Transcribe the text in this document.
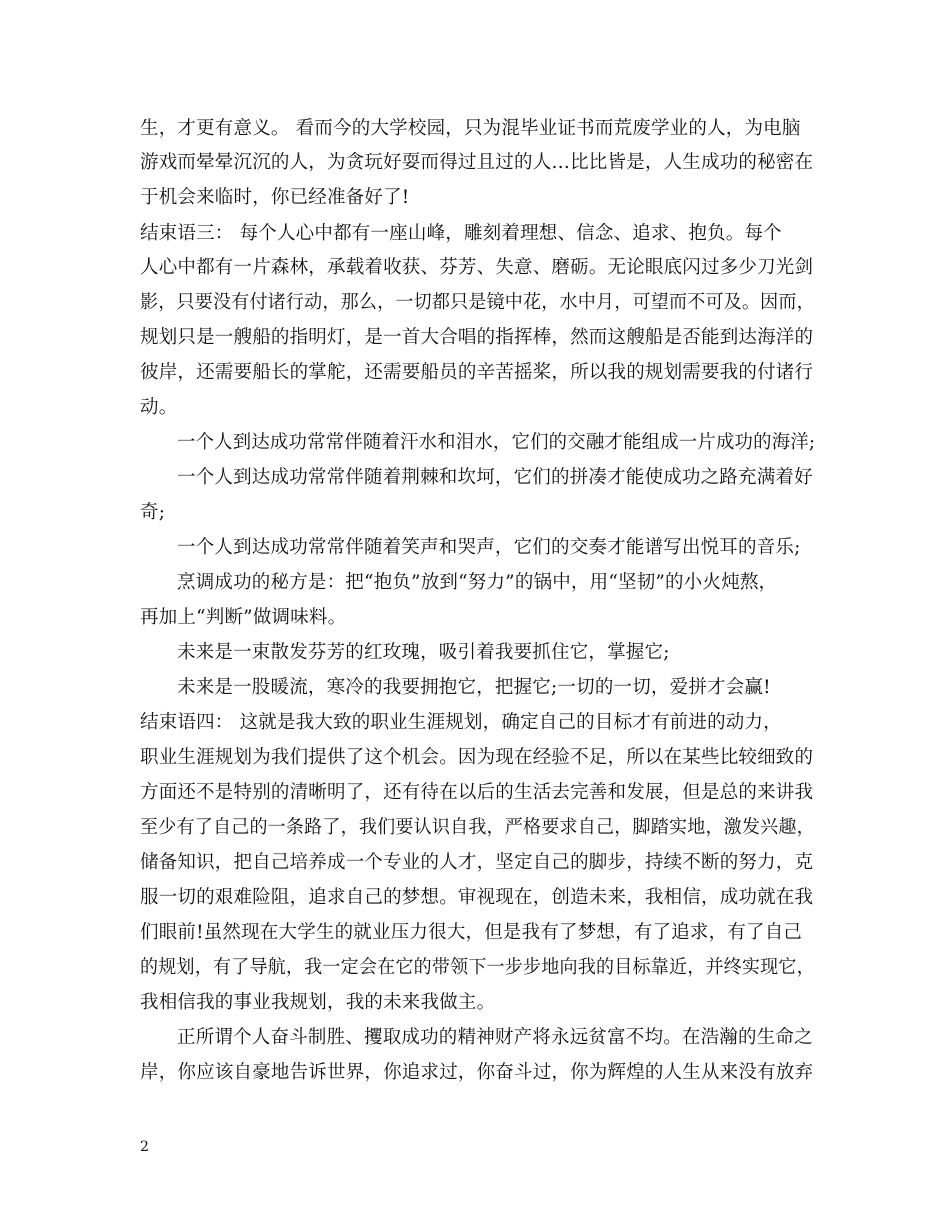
生，才更有意义。 看而今的大学校园，只为混毕业证书而荒废学业的人，为电脑
游戏而晕晕沉沉的人，为贪玩好耍而得过且过的人…比比皆是，人生成功的秘密在
于机会来临时，你已经准备好了!
结束语三： 每个人心中都有一座山峰，雕刻着理想、信念、追求、抱负。每个
人心中都有一片森林，承载着收获、芬芳、失意、磨砺。无论眼底闪过多少刀光剑
影，只要没有付诸行动，那么，一切都只是镜中花，水中月，可望而不可及。因而，
规划只是一艘船的指明灯，是一首大合唱的指挥棒，然而这艘船是否能到达海洋的
彼岸，还需要船长的掌舵，还需要船员的辛苦摇桨，所以我的规划需要我的付诸行
动。
一个人到达成功常常伴随着汗水和泪水，它们的交融才能组成一片成功的海洋;
一个人到达成功常常伴随着荆棘和坎坷，它们的拼凑才能使成功之路充满着好
奇;
一个人到达成功常常伴随着笑声和哭声，它们的交奏才能谱写出悦耳的音乐;
烹调成功的秘方是：把“抱负”放到“努力”的锅中，用“坚韧”的小火炖熬，
再加上“判断”做调味料。
未来是一束散发芬芳的红玫瑰，吸引着我要抓住它，掌握它;
未来是一股暖流，寒冷的我要拥抱它，把握它;一切的一切，爱拼才会赢!
结束语四： 这就是我大致的职业生涯规划，确定自己的目标才有前进的动力，
职业生涯规划为我们提供了这个机会。因为现在经验不足，所以在某些比较细致的
方面还不是特别的清晰明了，还有待在以后的生活去完善和发展，但是总的来讲我
至少有了自己的一条路了，我们要认识自我，严格要求自己，脚踏实地，激发兴趣，
储备知识，把自己培养成一个专业的人才，坚定自己的脚步，持续不断的努力，克
服一切的艰难险阻，追求自己的梦想。审视现在，创造未来，我相信，成功就在我
们眼前!虽然现在大学生的就业压力很大，但是我有了梦想，有了追求，有了自己
的规划，有了导航，我一定会在它的带领下一步步地向我的目标靠近，并终实现它，
我相信我的事业我规划，我的未来我做主。
正所谓个人奋斗制胜、攫取成功的精神财产将永远贫富不均。在浩瀚的生命之
岸，你应该自豪地告诉世界，你追求过，你奋斗过，你为辉煌的人生从来没有放弃
2
